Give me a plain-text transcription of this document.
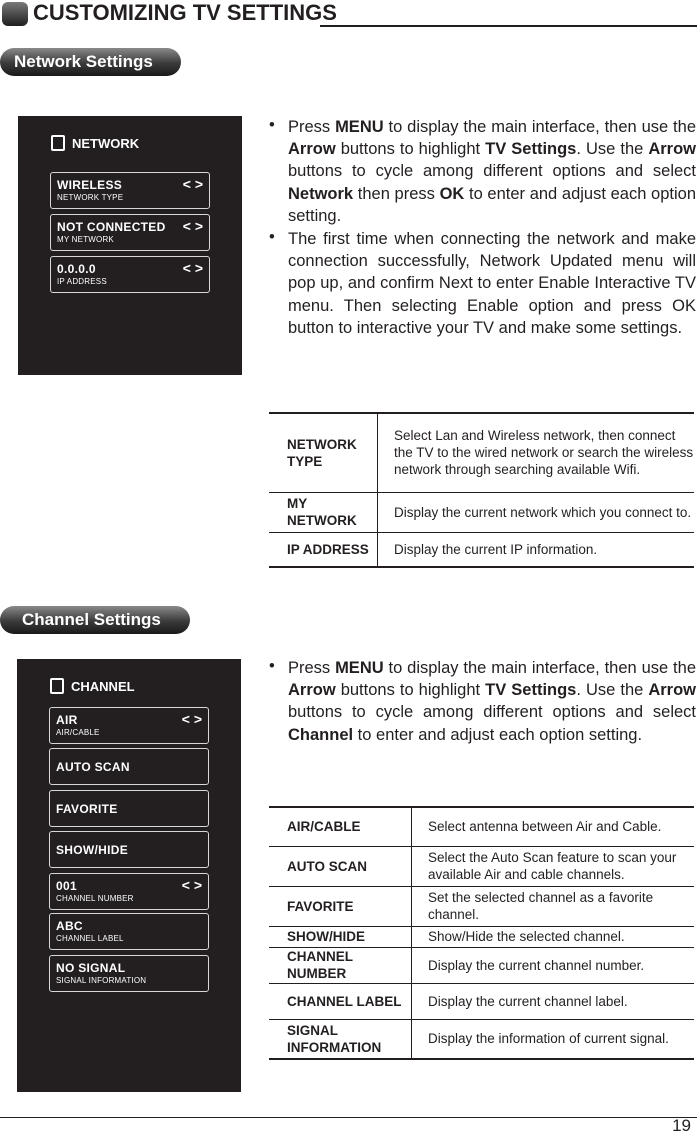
CUSTOMIZING TV SETTINGS
Network Settings
NETWORK
WIRELESS
NETWORK TYPE
< >
NOT CONNECTED
MY NETWORK
< >
0.0.0.0
IP ADDRESS
< >
• Press MENU to display the main interface, then use the Arrow buttons to highlight TV Settings. Use the Arrow buttons to cycle among different options and select Network then press OK to enter and adjust each option setting.
• The first time when connecting the network and make connection successfully, Network Updated menu will pop up, and confirm Next to enter Enable Interactive TV menu. Then selecting Enable option and press OK button to interactive your TV and make some settings.
NETWORK TYPE	Select Lan and Wireless network, then connect the TV to the wired network or search the wireless network through searching available Wifi.
MY NETWORK	Display the current network which you connect to.
IP ADDRESS	Display the current IP information.
Channel Settings
CHANNEL
AIR
AIR/CABLE
< >
AUTO SCAN
FAVORITE
SHOW/HIDE
001
CHANNEL NUMBER
< >
ABC
CHANNEL LABEL
NO SIGNAL
SIGNAL INFORMATION
• Press MENU to display the main interface, then use the Arrow buttons to highlight TV Settings. Use the Arrow buttons to cycle among different options and select Channel to enter and adjust each option setting.
AIR/CABLE	Select antenna between Air and Cable.
AUTO SCAN	Select the Auto Scan feature to scan your available Air and cable channels.
FAVORITE	Set the selected channel as a favorite channel.
SHOW/HIDE	Show/Hide the selected channel.
CHANNEL NUMBER	Display the current channel number.
CHANNEL LABEL	Display the current channel label.
SIGNAL INFORMATION	Display the information of current signal.
19
